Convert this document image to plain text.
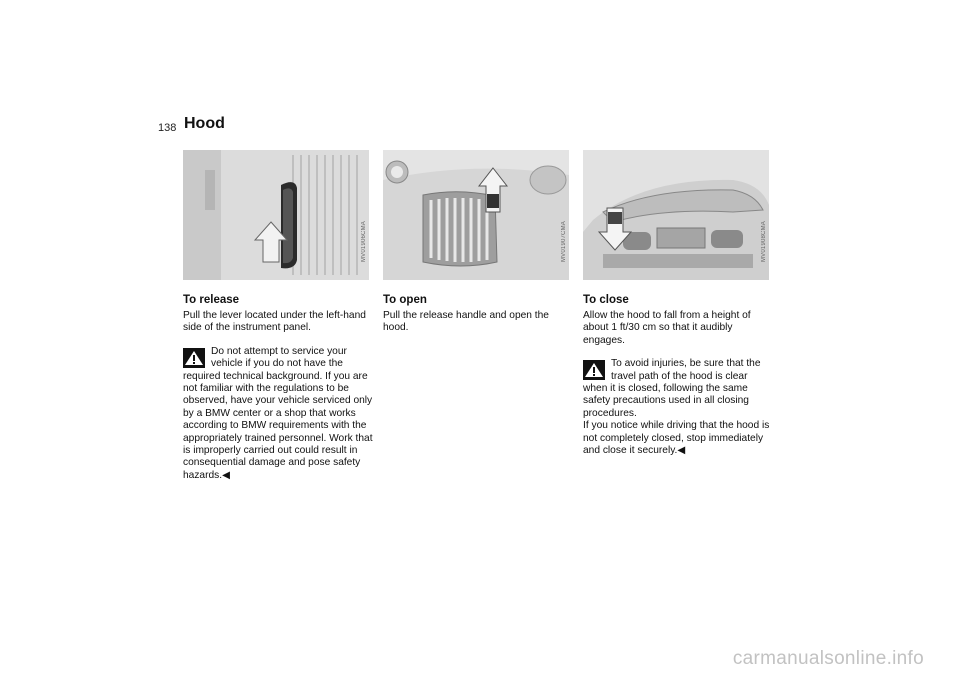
138 Hood
MV01906CMA	MV01907CMA	MV01908CMA
To release

Pull the lever located under the left-hand side of the instrument panel.

Do not attempt to service your vehicle if you do not have the required technical background. If you are not familiar with the regulations to be observed, have your vehicle serviced only by a BMW center or a shop that works according to BMW requirements with the appropriately trained personnel. Work that is improperly carried out could result in consequential damage and pose safety hazards.◀

To open

Pull the release handle and open the hood.

To close

Allow the hood to fall from a height of about 1 ft/30 cm so that it audibly engages.

To avoid injuries, be sure that the travel path of the hood is clear when it is closed, following the same safety precautions used in all closing procedures.

If you notice while driving that the hood is not completely closed, stop immediately and close it securely.◀

carmanualsonline.info
